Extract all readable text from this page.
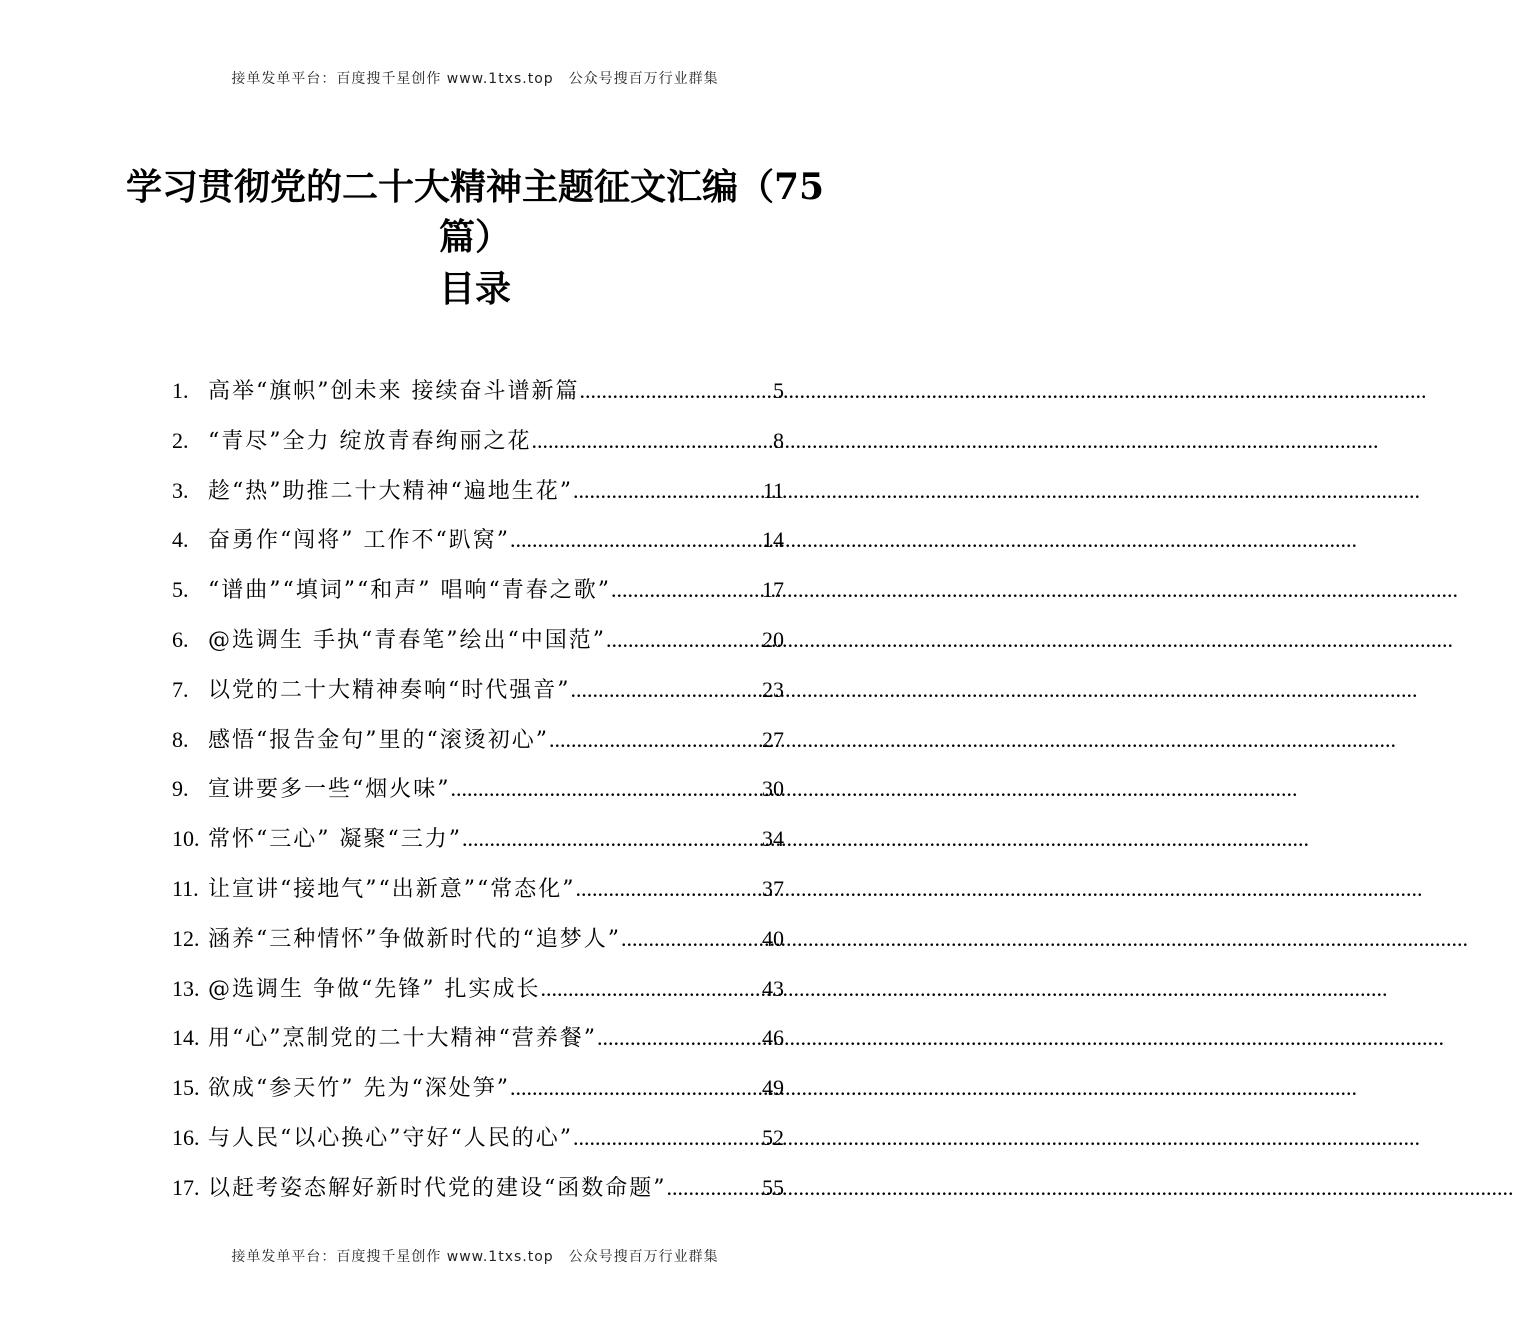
接单发单平台：百度搜千星创作 www.1txs.top　公众号搜百万行业群集
学习贯彻党的二十大精神主题征文汇编（75
篇）
目录
1. 高举“旗帜”创未来 接续奋斗谱新篇 .....	5
2. “青尽”全力 绽放青春绚丽之花 .....	8
3. 趁“热”助推二十大精神“遍地生花” .....	11
4. 奋勇作“闯将” 工作不“趴窝” .....	14
5. “谱曲”“填词”“和声” 唱响“青春之歌” .....	17
6. @选调生 手执“青春笔”绘出“中国范” .....	20
7. 以党的二十大精神奏响“时代强音” .....	23
8. 感悟“报告金句”里的“滚烫初心” .....	27
9. 宣讲要多一些“烟火味” .....	30
10. 常怀“三心” 凝聚“三力” .....	34
11. 让宣讲“接地气”“出新意”“常态化” .....	37
12. 涵养“三种情怀”争做新时代的“追梦人” .....	40
13. @选调生 争做“先锋” 扎实成长 .....	43
14. 用“心”烹制党的二十大精神“营养餐” .....	46
15. 欲成“参天竹” 先为“深处笋” .....	49
16. 与人民“以心换心”守好“人民的心” .....	52
17. 以赶考姿态解好新时代党的建设“函数命题” .....	55
接单发单平台：百度搜千星创作 www.1txs.top　公众号搜百万行业群集
